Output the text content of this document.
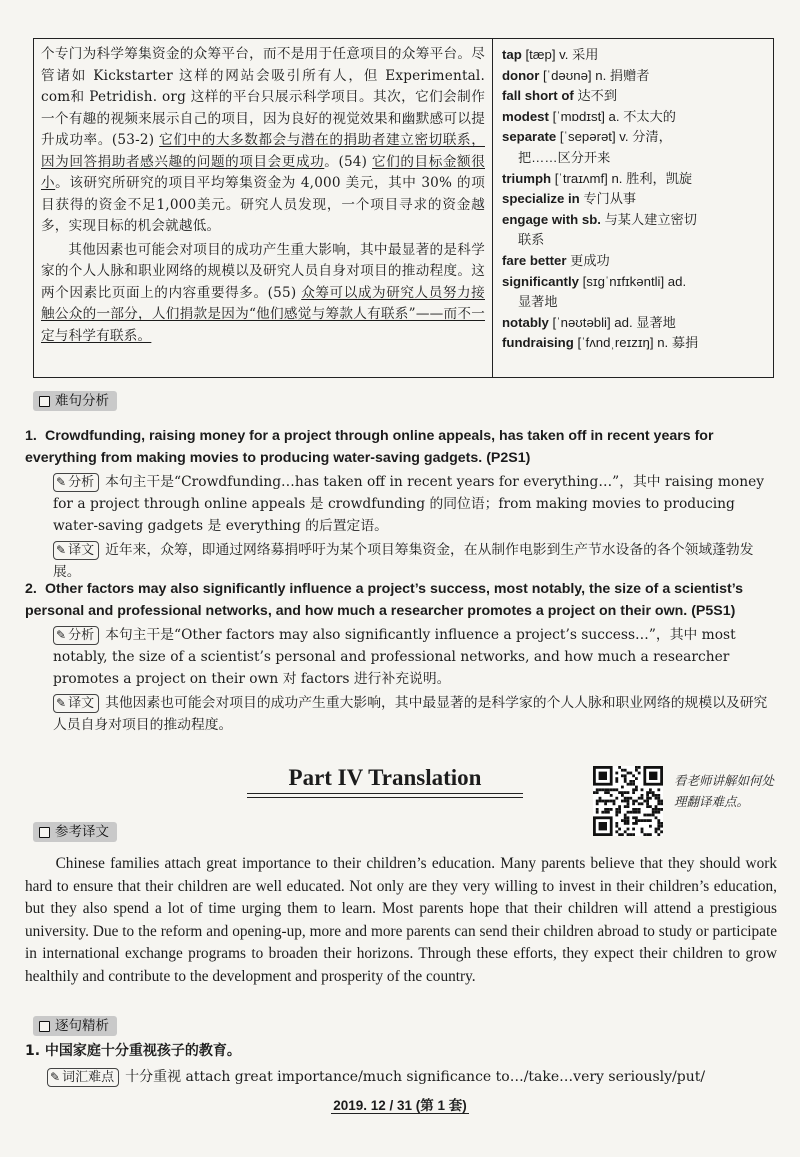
个专门为科学筹集资金的众筹平台，而不是用于任意项目的众筹平台。尽管诸如 Kickstarter 这样的网站会吸引所有人，但 Experimental. com和 Petridish. org 这样的平台只展示科学项目。其次，它们会制作一个有趣的视频来展示自己的项目，因为良好的视觉效果和幽默感可以提升成功率。(53-2) 它们中的大多数都会与潜在的捐助者建立密切联系，因为回答捐助者感兴趣的问题的项目会更成功。(54) 它们的目标金额很小。该研究所研究的项目平均筹集资金为 4,000 美元，其中 30% 的项目获得的资金不足1,000美元。研究人员发现，一个项目寻求的资金越多，实现目标的机会就越低。

其他因素也可能会对项目的成功产生重大影响，其中最显著的是科学家的个人人脉和职业网络的规模以及研究人员自身对项目的推动程度。这两个因素比页面上的内容重要得多。(55) 众筹可以成为研究人员努力接触公众的一部分，人们捐款是因为“他们感觉与筹款人有联系”——而不一定与科学有联系。

tap [tæp] v. 采用

donor [ˈdəʊnə] n. 捐赠者

fall short of 达不到

modest [ˈmɒdɪst] a. 不太大的

separate [ˈsepərət] v. 分清，

把……区分开来

triumph [ˈtraɪʌmf] n. 胜利，凯旋

specialize in 专门从事

engage with sb. 与某人建立密切

联系

fare better 更成功

significantly [sɪɡˈnɪfɪkəntli] ad.

显著地

notably [ˈnəʊtəbli] ad. 显著地

fundraising [ˈfʌndˌreɪzɪŋ] n. 募捐

难句分析

1. Crowdfunding, raising money for a project through online appeals, has taken off in recent years for everything from making movies to producing water-saving gadgets. (P2S1)

✎ 分析 本句主干是“Crowdfunding…has taken off in recent years for everything…”，其中 raising money for a project through online appeals 是 crowdfunding 的同位语；from making movies to producing water-saving gadgets 是 everything 的后置定语。

✎ 译文 近年来，众筹，即通过网络募捐呼吁为某个项目筹集资金，在从制作电影到生产节水设备的各个领域蓬勃发展。

2. Other factors may also significantly influence a project’s success, most notably, the size of a scientist’s personal and professional networks, and how much a researcher promotes a project on their own. (P5S1)

✎ 分析 本句主干是“Other factors may also significantly influence a project’s success…”，其中 most notably, the size of a scientist’s personal and professional networks, and how much a researcher promotes a project on their own 对 factors 进行补充说明。

✎ 译文 其他因素也可能会对项目的成功产生重大影响，其中最显著的是科学家的个人人脉和职业网络的规模以及研究人员自身对项目的推动程度。

Part IV Translation	看老师讲解如何处理翻译难点。
参考译文

Chinese families attach great importance to their children’s education. Many parents believe that they should work hard to ensure that their children are well educated. Not only are they very willing to invest in their children’s education, but they also spend a lot of time urging them to learn. Most parents hope that their children will attend a prestigious university. Due to the reform and opening-up, more and more parents can send their children abroad to study or participate in international exchange programs to broaden their horizons. Through these efforts, they expect their children to grow healthily and contribute to the development and prosperity of the country.

逐句精析

1. 中国家庭十分重视孩子的教育。

✎ 词汇难点 十分重视 attach great importance/much significance to…/take…very seriously/put/

2019. 12 / 31 (第 1 套)
